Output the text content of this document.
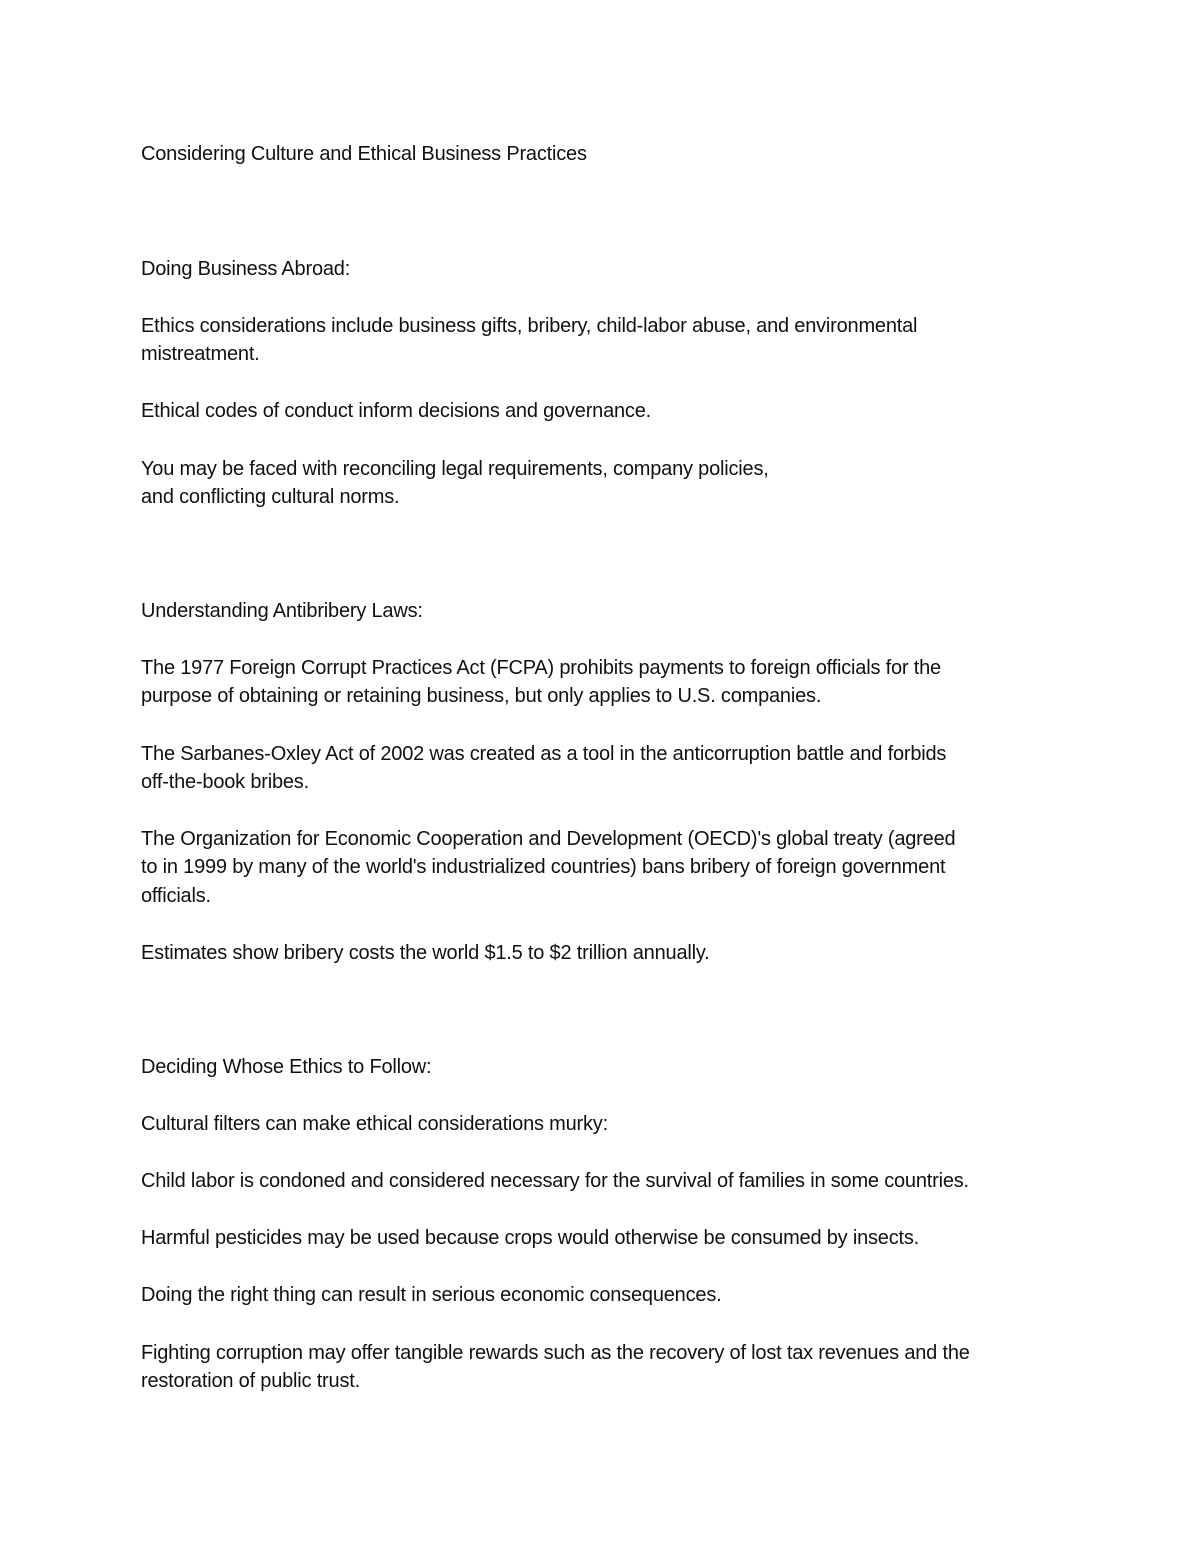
Considering Culture and Ethical Business Practices
Doing Business Abroad:
Ethics considerations include business gifts, bribery, child-labor abuse, and environmental
mistreatment.
Ethical codes of conduct inform decisions and governance.
You may be faced with reconciling legal requirements, company policies,
and conflicting cultural norms.
Understanding Antibribery Laws:
The 1977 Foreign Corrupt Practices Act (FCPA) prohibits payments to foreign officials for the
purpose of obtaining or retaining business, but only applies to U.S. companies.
The Sarbanes-Oxley Act of 2002 was created as a tool in the anticorruption battle and forbids
off-the-book bribes.
The Organization for Economic Cooperation and Development (OECD)'s global treaty (agreed
to in 1999 by many of the world's industrialized countries) bans bribery of foreign government
officials.
Estimates show bribery costs the world $1.5 to $2 trillion annually.
Deciding Whose Ethics to Follow:
Cultural filters can make ethical considerations murky:
Child labor is condoned and considered necessary for the survival of families in some countries.
Harmful pesticides may be used because crops would otherwise be consumed by insects.
Doing the right thing can result in serious economic consequences.
Fighting corruption may offer tangible rewards such as the recovery of lost tax revenues and the
restoration of public trust.
